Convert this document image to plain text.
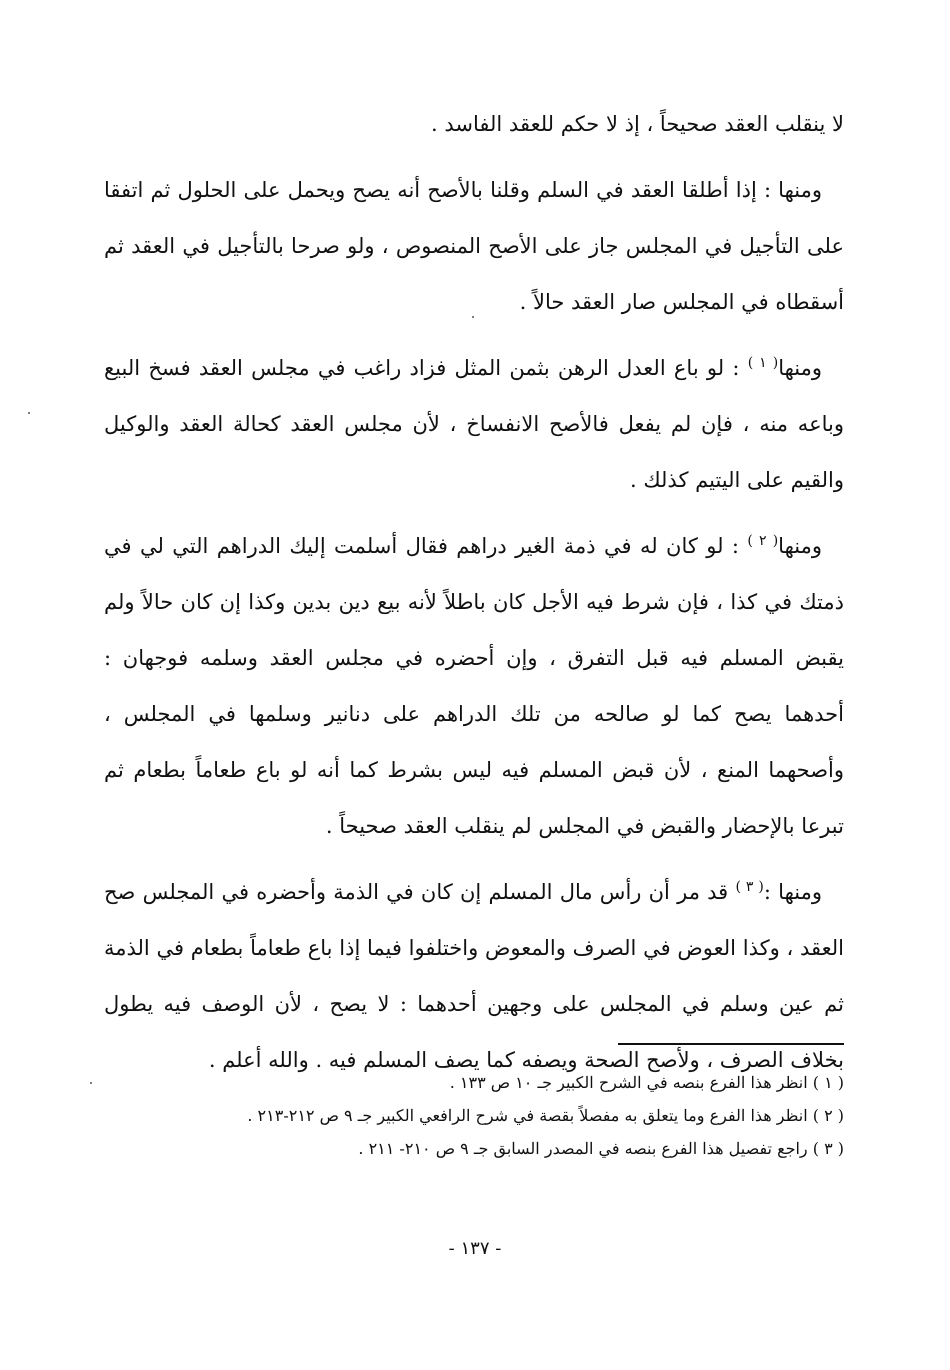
لا ينقلب العقد صحيحاً ، إذ لا حكم للعقد الفاسد .

ومنها : إذا أطلقا العقد في السلم وقلنا بالأصح أنه يصح ويحمل على الحلول ثم اتفقا على التأجيل في المجلس جاز على الأصح المنصوص ، ولو صرحا بالتأجيل في العقد ثم أسقطاه في المجلس صار العقد حالاً .

ومنها$^{( ١ )}$ : لو باع العدل الرهن بثمن المثل فزاد راغب في مجلس العقد فسخ البيع وباعه منه ، فإن لم يفعل فالأصح الانفساخ ، لأن مجلس العقد كحالة العقد والوكيل والقيم على اليتيم كذلك .

ومنها$^{( ٢ )}$ : لو كان له في ذمة الغير دراهم فقال أسلمت إليك الدراهم التي لي في ذمتك في كذا ، فإن شرط فيه الأجل كان باطلاً لأنه بيع دين بدين وكذا إن كان حالاً ولم يقبض المسلم فيه قبل التفرق ، وإن أحضره في مجلس العقد وسلمه فوجهان : أحدهما يصح كما لو صالحه من تلك الدراهم على دنانير وسلمها في المجلس ، وأصحهما المنع ، لأن قبض المسلم فيه ليس بشرط كما أنه لو باع طعاماً بطعام ثم تبرعا بالإحضار والقبض في المجلس لم ينقلب العقد صحيحاً .

ومنها :$^{( ٣ )}$ قد مر أن رأس مال المسلم إن كان في الذمة وأحضره في المجلس صح العقد ، وكذا العوض في الصرف والمعوض واختلفوا فيما إذا باع طعاماً بطعام في الذمة ثم عين وسلم في المجلس على وجهين أحدهما : لا يصح ، لأن الوصف فيه يطول بخلاف الصرف ، ولأصح الصحة ويصفه كما يصف المسلم فيه . والله أعلم .

( ١ ) انظر هذا الفرع بنصه في الشرح الكبير جـ ١٠ ص ١٣٣ .
( ٢ ) انظر هذا الفرع وما يتعلق به مفصلاً بقصة في شرح الرافعي الكبير جـ ٩ ص ٢١٢-٢١٣ .
( ٣ ) راجع تفصيل هذا الفرع بنصه في المصدر السابق جـ ٩ ص ٢١٠- ٢١١ .
- ١٣٧ -
